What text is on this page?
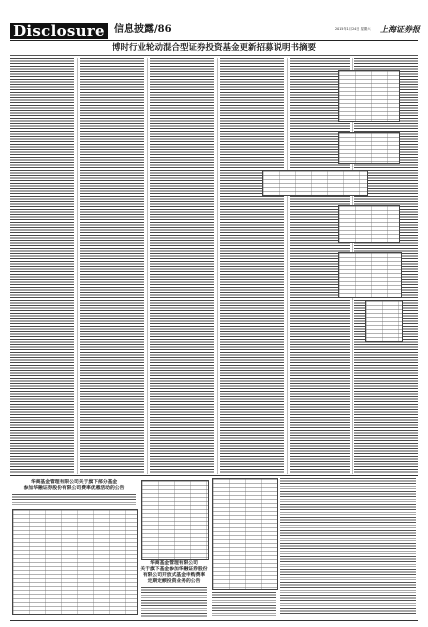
Disclosure 信息披露/86	2015年1月24日 星期六	上海证券报
博时行业轮动混合型证券投资基金更新招募说明书摘要
华商基金管理有限公司关于旗下部分基金
参加华融证券股份有限公司费率优惠活动的公告
华商基金管理有限公司
关于旗下基金参加华融证券股份
有限公司开放式基金申购费率
定期定额投资业务的公告
